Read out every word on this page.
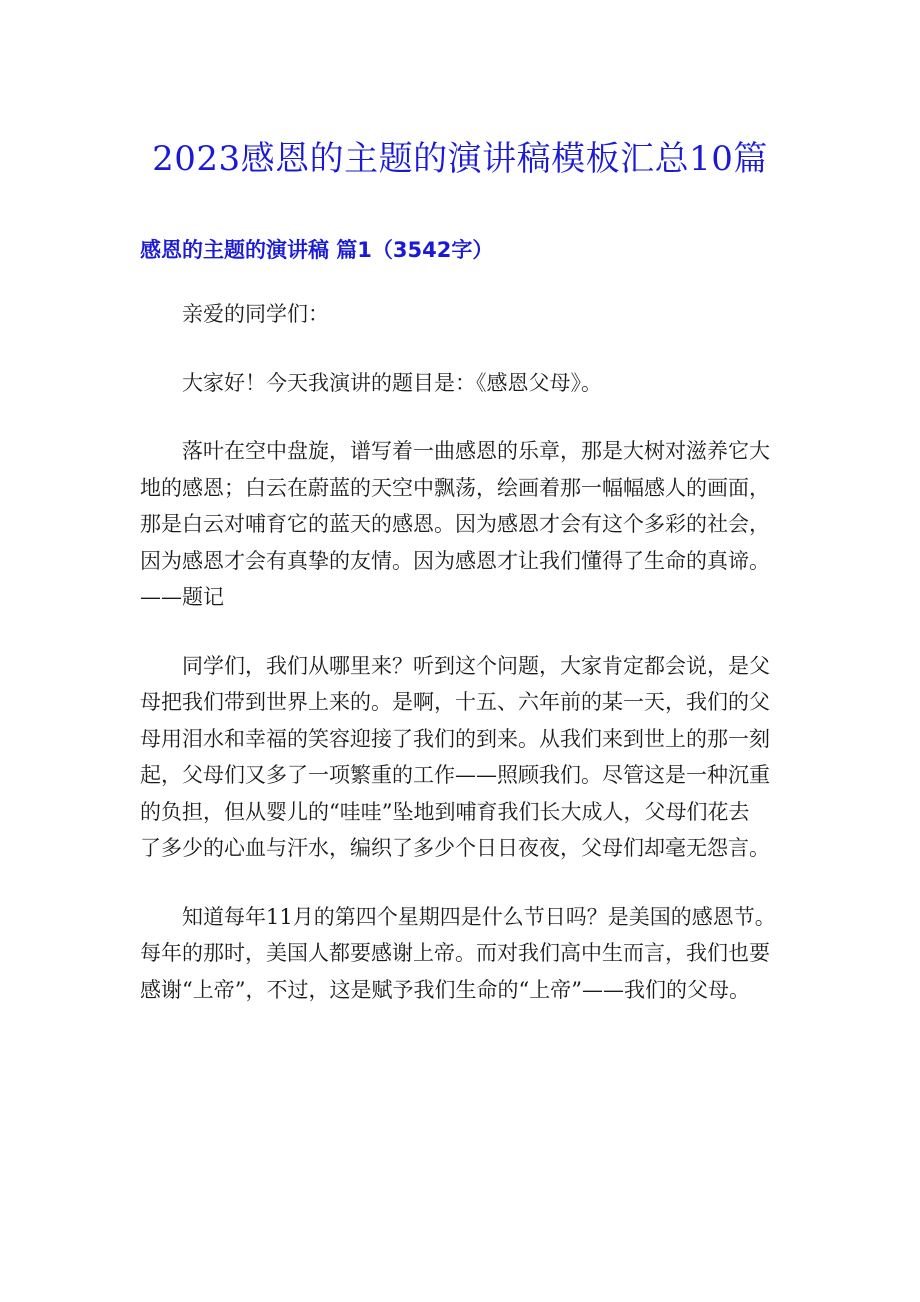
2023感恩的主题的演讲稿模板汇总10篇
感恩的主题的演讲稿 篇1（3542字）

亲爱的同学们：

大家好！今天我演讲的题目是：《感恩父母》。

落叶在空中盘旋，谱写着一曲感恩的乐章，那是大树对滋养它大
地的感恩；白云在蔚蓝的天空中飘荡，绘画着那一幅幅感人的画面，
那是白云对哺育它的蓝天的感恩。因为感恩才会有这个多彩的社会，
因为感恩才会有真挚的友情。因为感恩才让我们懂得了生命的真谛。
——题记

同学们，我们从哪里来？听到这个问题，大家肯定都会说，是父
母把我们带到世界上来的。是啊，十五、六年前的某一天，我们的父
母用泪水和幸福的笑容迎接了我们的到来。从我们来到世上的那一刻
起，父母们又多了一项繁重的工作——照顾我们。尽管这是一种沉重
的负担，但从婴儿的“哇哇”坠地到哺育我们长大成人，父母们花去
了多少的心血与汗水，编织了多少个日日夜夜，父母们却毫无怨言。

知道每年11月的第四个星期四是什么节日吗？是美国的感恩节。
每年的那时，美国人都要感谢上帝。而对我们高中生而言，我们也要
感谢“上帝”，不过，这是赋予我们生命的“上帝”——我们的父母。
